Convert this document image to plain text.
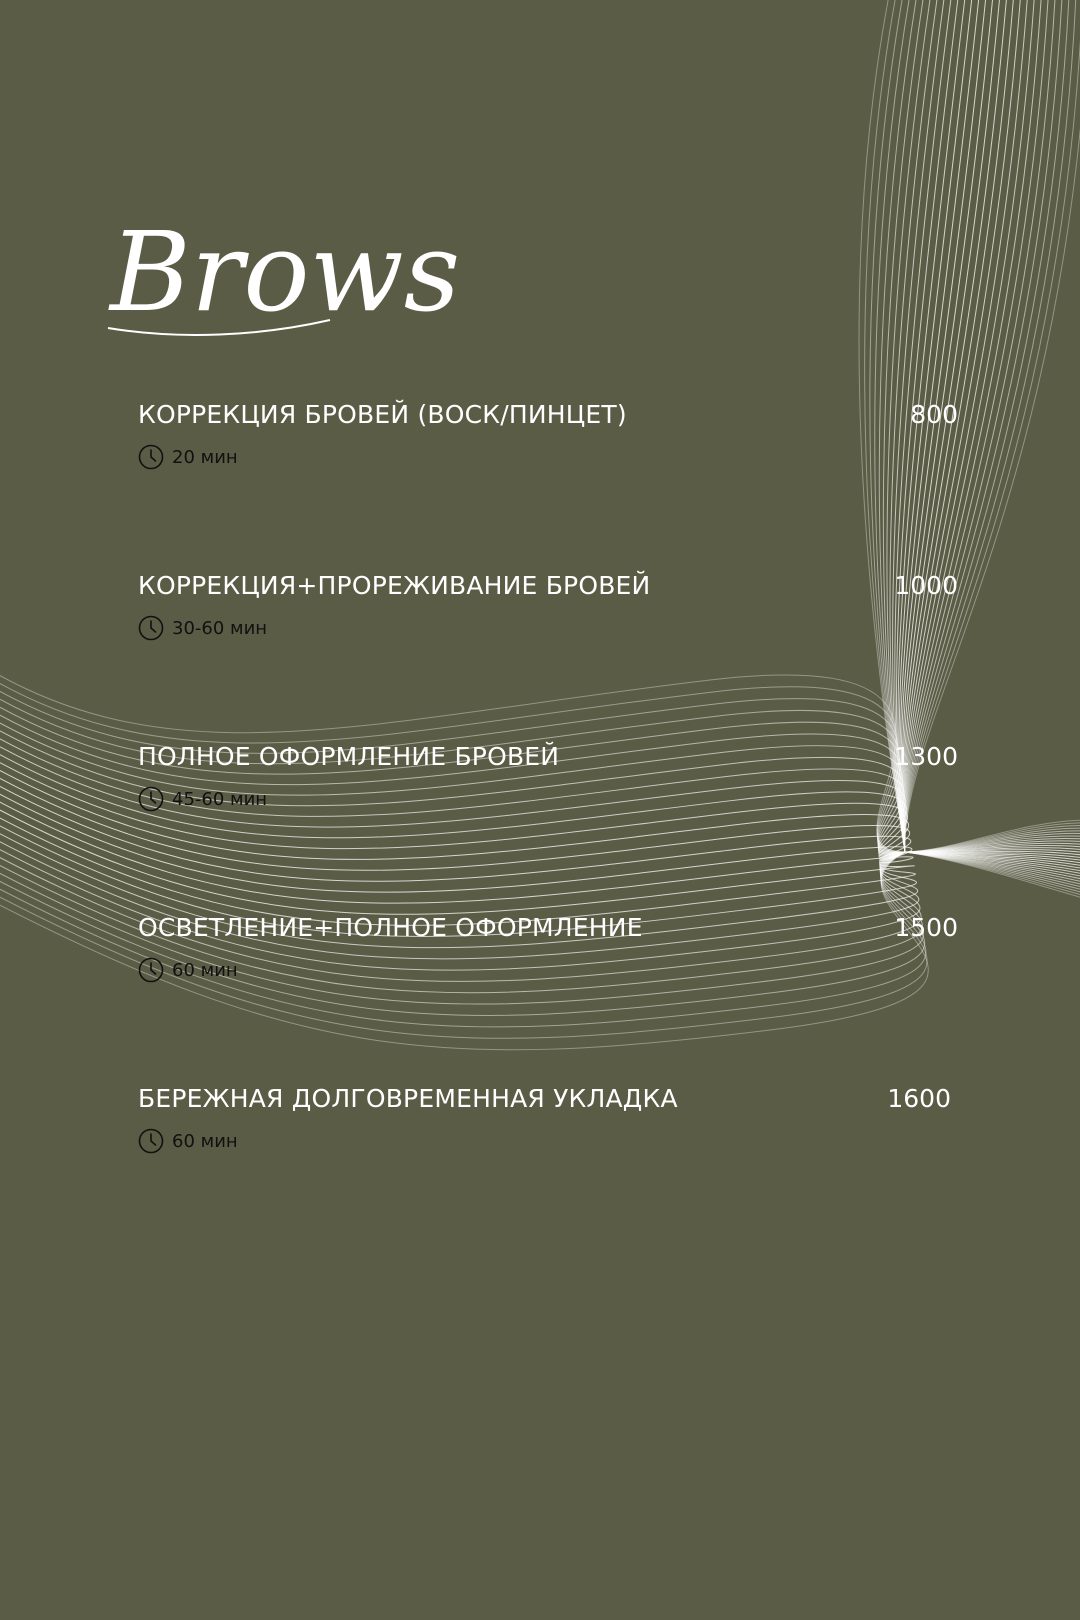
Brows
КОРРЕКЦИЯ БРОВЕЙ (ВОСК/ПИНЦЕТ)	800
20 мин
КОРРЕКЦИЯ+ПРОРЕЖИВАНИЕ БРОВЕЙ	1000
30-60 мин
ПОЛНОЕ ОФОРМЛЕНИЕ БРОВЕЙ	1300
45-60 мин
ОСВЕТЛЕНИЕ+ПОЛНОЕ ОФОРМЛЕНИЕ	1500
60 мин
БЕРЕЖНАЯ ДОЛГОВРЕМЕННАЯ УКЛАДКА	1600
60 мин
